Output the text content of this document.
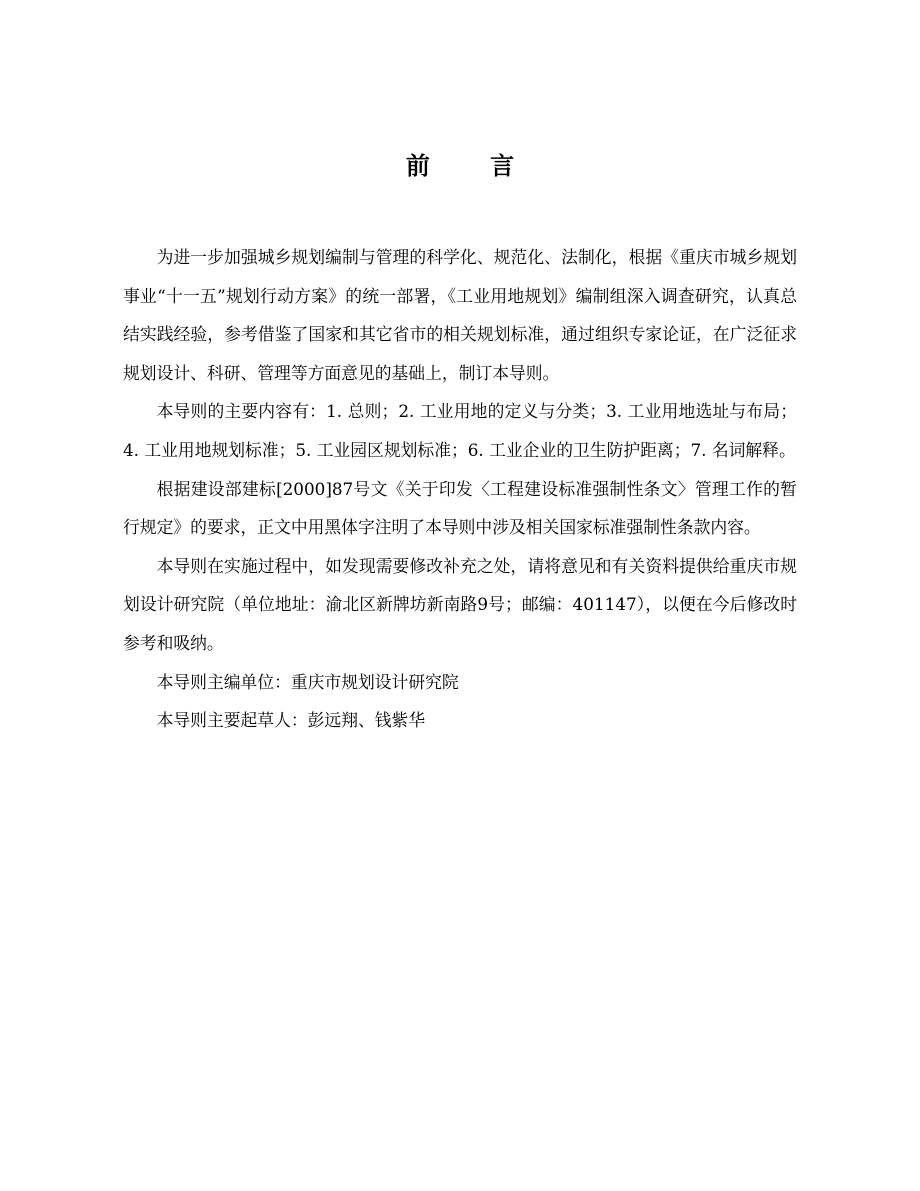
前 言

为进一步加强城乡规划编制与管理的科学化、规范化、法制化，根据《重庆市城乡规划事业“十一五”规划行动方案》的统一部署，《工业用地规划》编制组深入调查研究，认真总结实践经验，参考借鉴了国家和其它省市的相关规划标准，通过组织专家论证，在广泛征求规划设计、科研、管理等方面意见的基础上，制订本导则。

本导则的主要内容有：1. 总则；2. 工业用地的定义与分类；3. 工业用地选址与布局；4. 工业用地规划标准；5. 工业园区规划标准；6. 工业企业的卫生防护距离；7. 名词解释。

根据建设部建标[2000]87号文《关于印发〈工程建设标准强制性条文〉管理工作的暂行规定》的要求，正文中用黑体字注明了本导则中涉及相关国家标准强制性条款内容。

本导则在实施过程中，如发现需要修改补充之处，请将意见和有关资料提供给重庆市规划设计研究院（单位地址：渝北区新牌坊新南路9号；邮编：401147），以便在今后修改时参考和吸纳。

本导则主编单位：重庆市规划设计研究院

本导则主要起草人：彭远翔、钱紫华
